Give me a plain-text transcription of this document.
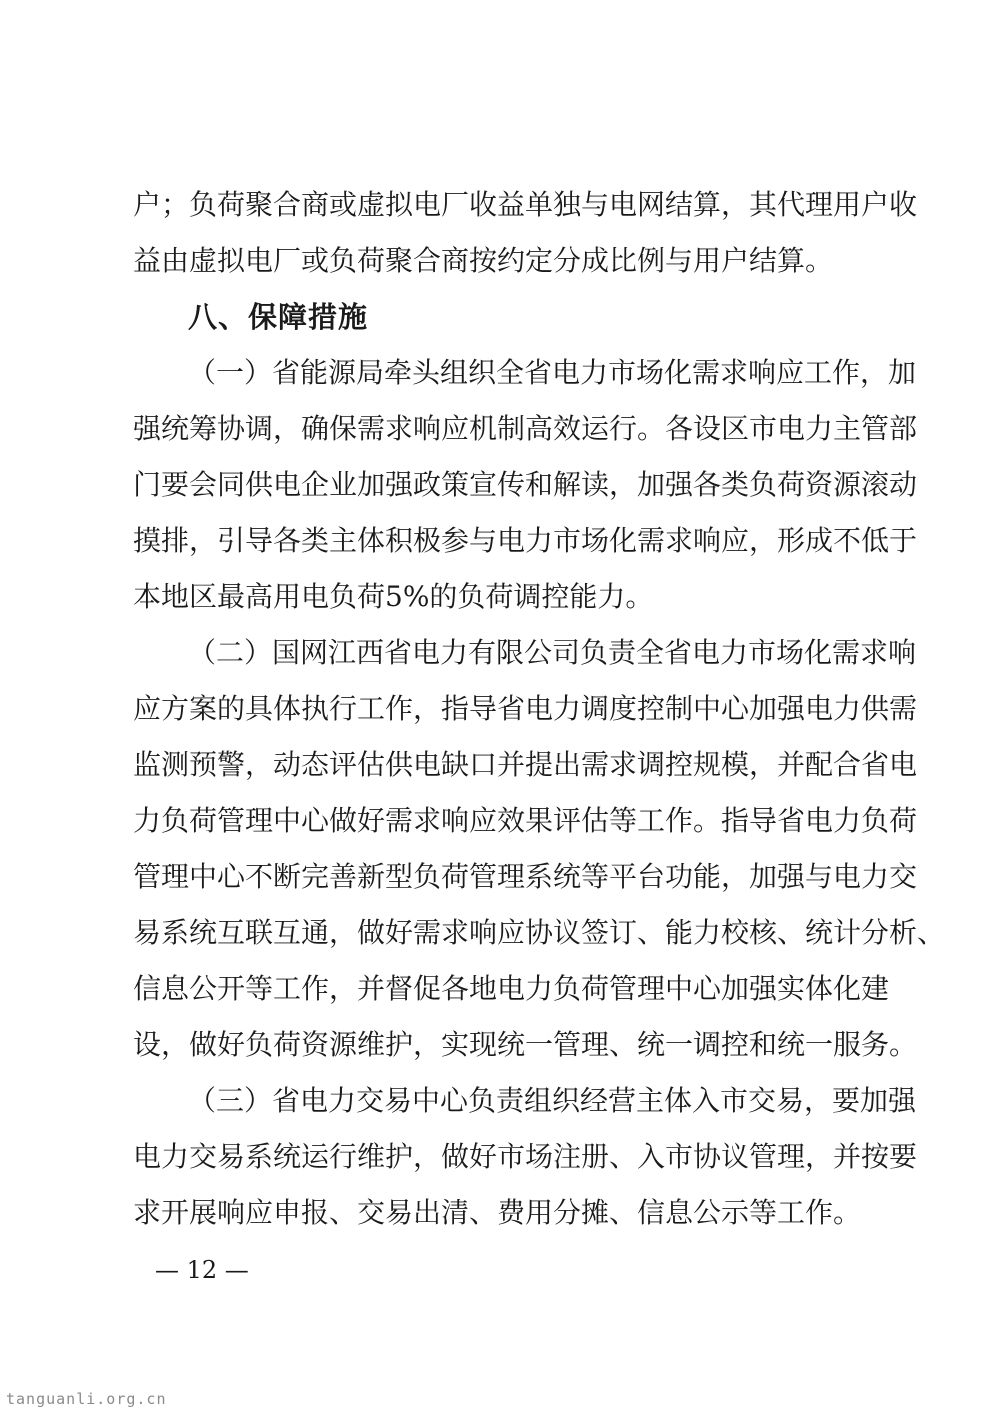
户；负荷聚合商或虚拟电厂收益单独与电网结算，其代理用户收
益由虚拟电厂或负荷聚合商按约定分成比例与用户结算。
八、保障措施
（一）省能源局牵头组织全省电力市场化需求响应工作，加
强统筹协调，确保需求响应机制高效运行。各设区市电力主管部
门要会同供电企业加强政策宣传和解读，加强各类负荷资源滚动
摸排，引导各类主体积极参与电力市场化需求响应，形成不低于
本地区最高用电负荷5%的负荷调控能力。
（二）国网江西省电力有限公司负责全省电力市场化需求响
应方案的具体执行工作，指导省电力调度控制中心加强电力供需
监测预警，动态评估供电缺口并提出需求调控规模，并配合省电
力负荷管理中心做好需求响应效果评估等工作。指导省电力负荷
管理中心不断完善新型负荷管理系统等平台功能，加强与电力交
易系统互联互通，做好需求响应协议签订、能力校核、统计分析、
信息公开等工作，并督促各地电力负荷管理中心加强实体化建
设，做好负荷资源维护，实现统一管理、统一调控和统一服务。
（三）省电力交易中心负责组织经营主体入市交易，要加强
电力交易系统运行维护，做好市场注册、入市协议管理，并按要
求开展响应申报、交易出清、费用分摊、信息公示等工作。
— 12 —
tanguanli.org.cn
